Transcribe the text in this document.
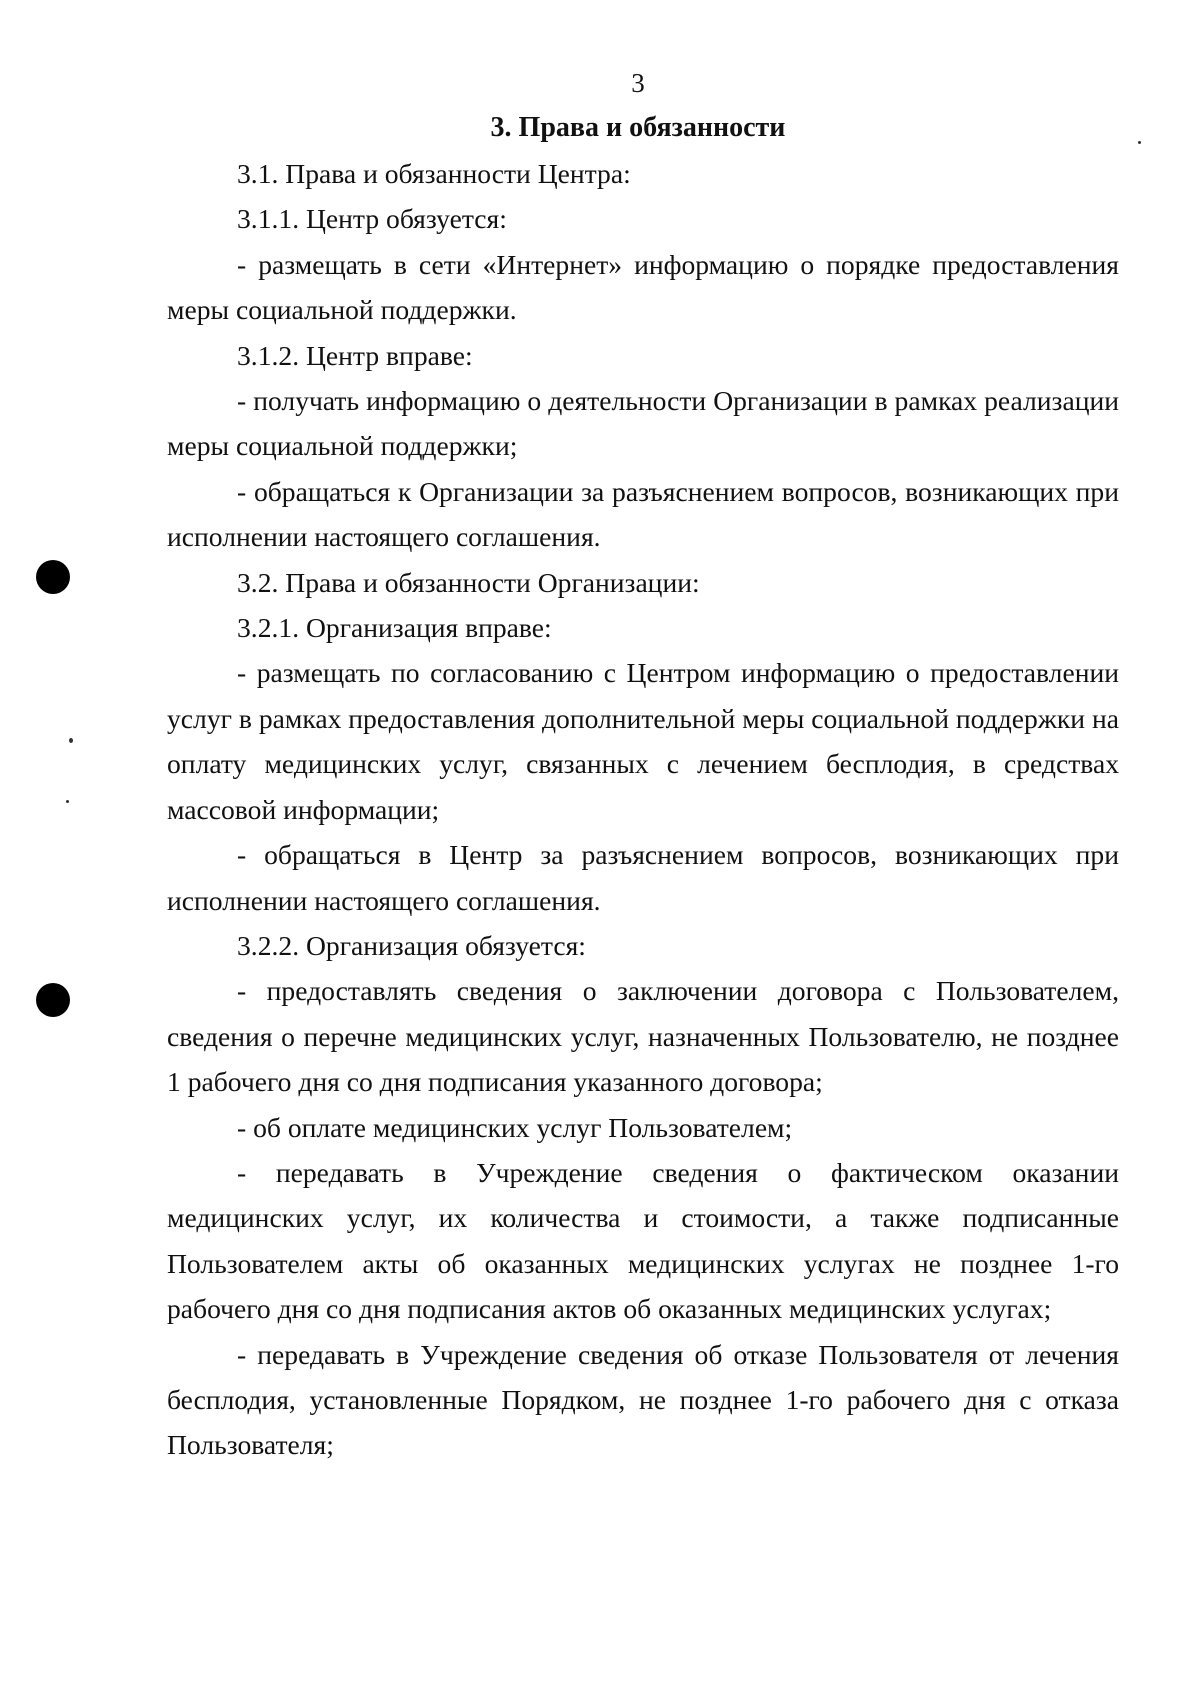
3
3. Права и обязанности

3.1. Права и обязанности Центра:

3.1.1. Центр обязуется:

- размещать в сети «Интернет» информацию о порядке предоставления меры социальной поддержки.

3.1.2. Центр вправе:

- получать информацию о деятельности Организации в рамках реализации меры социальной поддержки;

- обращаться к Организации за разъяснением вопросов, возникающих при исполнении настоящего соглашения.

3.2. Права и обязанности Организации:

3.2.1. Организация вправе:

- размещать по согласованию с Центром информацию о предоставлении услуг в рамках предоставления дополнительной меры социальной поддержки на оплату медицинских услуг, связанных с лечением бесплодия, в средствах массовой информации;

- обращаться в Центр за разъяснением вопросов, возникающих при исполнении настоящего соглашения.

3.2.2. Организация обязуется:

- предоставлять сведения о заключении договора с Пользователем, сведения о перечне медицинских услуг, назначенных Пользователю, не позднее 1 рабочего дня со дня подписания указанного договора;

- об оплате медицинских услуг Пользователем;

- передавать в Учреждение сведения о фактическом оказании медицинских услуг, их количества и стоимости, а также подписанные Пользователем акты об оказанных медицинских услугах не позднее 1-го рабочего дня со дня подписания актов об оказанных медицинских услугах;

- передавать в Учреждение сведения об отказе Пользователя от лечения бесплодия, установленные Порядком, не позднее 1-го рабочего дня с отказа Пользователя;
